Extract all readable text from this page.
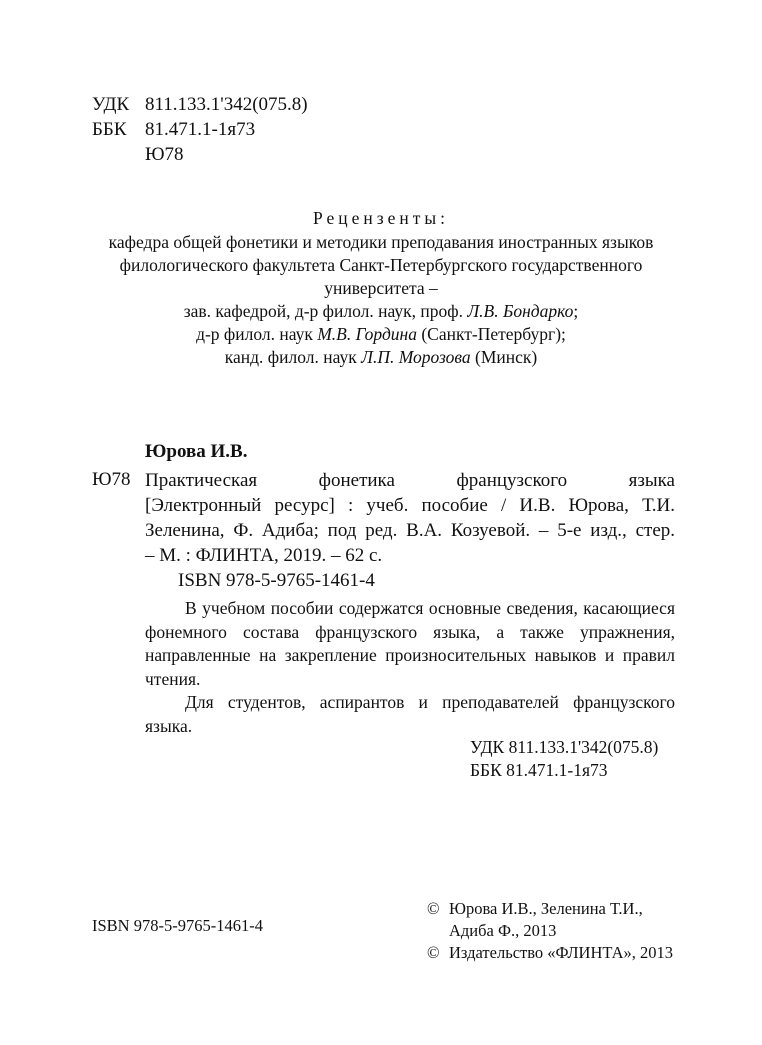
УДК 811.133.1'342(075.8)
ББК 81.471.1-1я73
Ю78
Рецензенты:
кафедра общей фонетики и методики преподавания иностранных языков
филологического факультета Санкт-Петербургского государственного
университета –
зав. кафедрой, д-р филол. наук, проф. Л.В. Бондарко;
д-р филол. наук М.В. Гордина (Санкт-Петербург);
канд. филол. наук Л.П. Морозова (Минск)
Юрова И.В.
Ю78 Практическая фонетика французского языка
[Электронный ресурс] : учеб. пособие / И.В. Юрова, Т.И.
Зеленина, Ф. Адиба; под ред. В.А. Козуевой. – 5-е изд., стер.
– М. : ФЛИНТА, 2019. – 62 с.
ISBN 978-5-9765-1461-4

В учебном пособии содержатся основные сведения, касающиеся фонемного состава французского языка, а также упражнения, направленные на закрепление произносительных навыков и правил чтения.

Для студентов, аспирантов и преподавателей французского языка.

УДК 811.133.1'342(075.8)
ББК 81.471.1-1я73
ISBN 978-5-9765-1461-4
© Юрова И.В., Зеленина Т.И.,
Адиба Ф., 2013
© Издательство «ФЛИНТА», 2013
